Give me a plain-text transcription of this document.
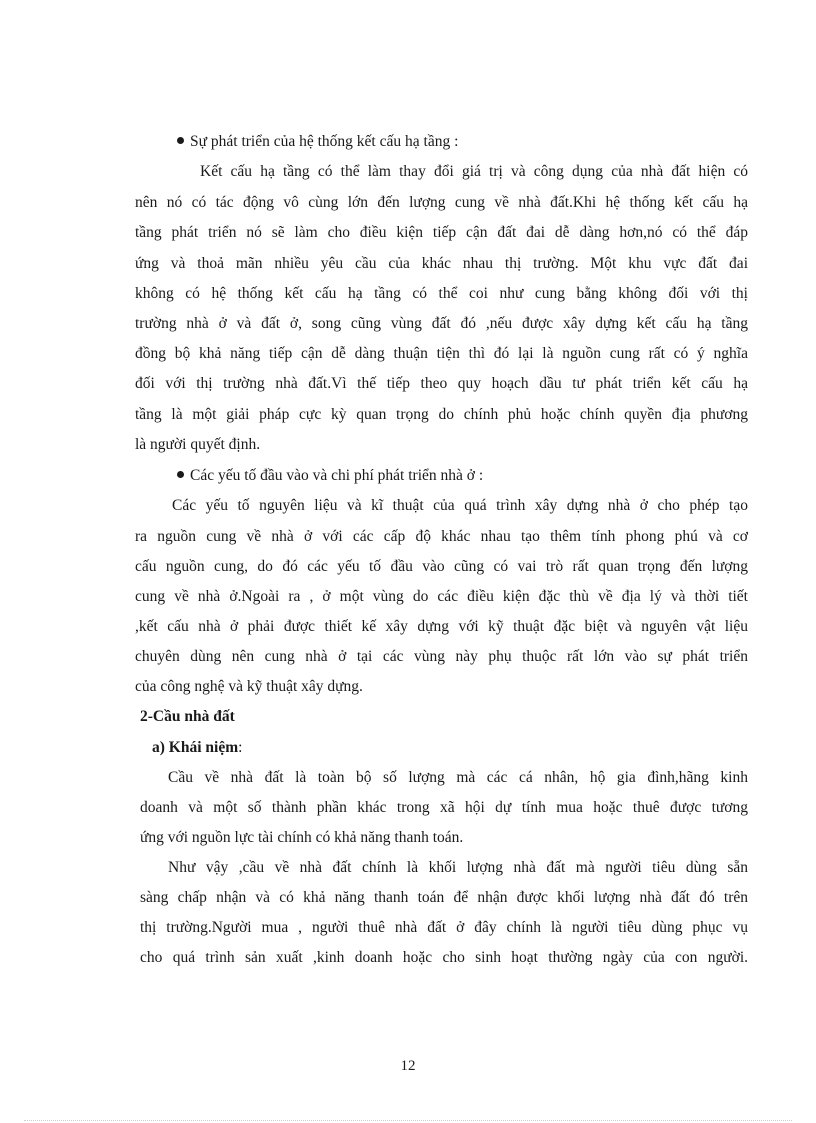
Sự phát triển của hệ thống kết cấu hạ tầng :
Kết cấu hạ tầng có thể làm thay đổi giá trị và công dụng của nhà đất hiện có
nên nó có tác động vô cùng lớn đến lượng cung về nhà đất.Khi hệ thống kết cấu hạ
tầng phát triển nó sẽ làm cho điều kiện tiếp cận đất đai dễ dàng hơn,nó có thể đáp
ứng và thoả mãn nhiều yêu cầu của khác nhau thị trường. Một khu vực đất đai
không có hệ thống kết cấu hạ tầng có thể coi như cung bằng không đối với thị
trường nhà ở và đất ở, song cũng vùng đất đó ,nếu được xây dựng kết cấu hạ tầng
đồng bộ khả năng tiếp cận dễ dàng thuận tiện thì đó lại là nguồn cung rất có ý nghĩa
đối với thị trường nhà đất.Vì thế tiếp theo quy hoạch dầu tư phát triển kết cấu hạ
tầng là một giải pháp cực kỳ quan trọng do chính phủ hoặc chính quyền địa phương
là người quyết định.
Các yếu tố đầu vào và chi phí phát triển nhà ở :
Các yếu tố nguyên liệu và kĩ thuật của quá trình xây dựng nhà ở cho phép tạo
ra nguồn cung về nhà ở với các cấp độ khác nhau tạo thêm tính phong phú và cơ
cấu nguồn cung, do đó các yếu tố đầu vào cũng có vai trò rất quan trọng đến lượng
cung về nhà ở.Ngoài ra , ở một vùng do các điều kiện đặc thù về địa lý và thời tiết
,kết cấu nhà ở phải được thiết kế xây dựng với kỹ thuật đặc biệt và nguyên vật liệu
chuyên dùng nên cung nhà ở tại các vùng này phụ thuộc rất lớn vào sự phát triển
của công nghệ và kỹ thuật xây dựng.
2-Cầu nhà đất
a) Khái niệm:
Cầu về nhà đất là toàn bộ số lượng mà các cá nhân, hộ gia đình,hãng kinh
doanh và một số thành phần khác trong xã hội dự tính mua hoặc thuê được tương
ứng với nguồn lực tài chính có khả năng thanh toán.
Như vậy ,cầu về nhà đất chính là khối lượng nhà đất mà người tiêu dùng sẵn
sàng chấp nhận và có khả năng thanh toán để nhận được khối lượng nhà đất đó trên
thị trường.Người mua , người thuê nhà đất ở đây chính là người tiêu dùng phục vụ
cho quá trình sản xuất ,kinh doanh hoặc cho sinh hoạt thường ngày của con người.
12
